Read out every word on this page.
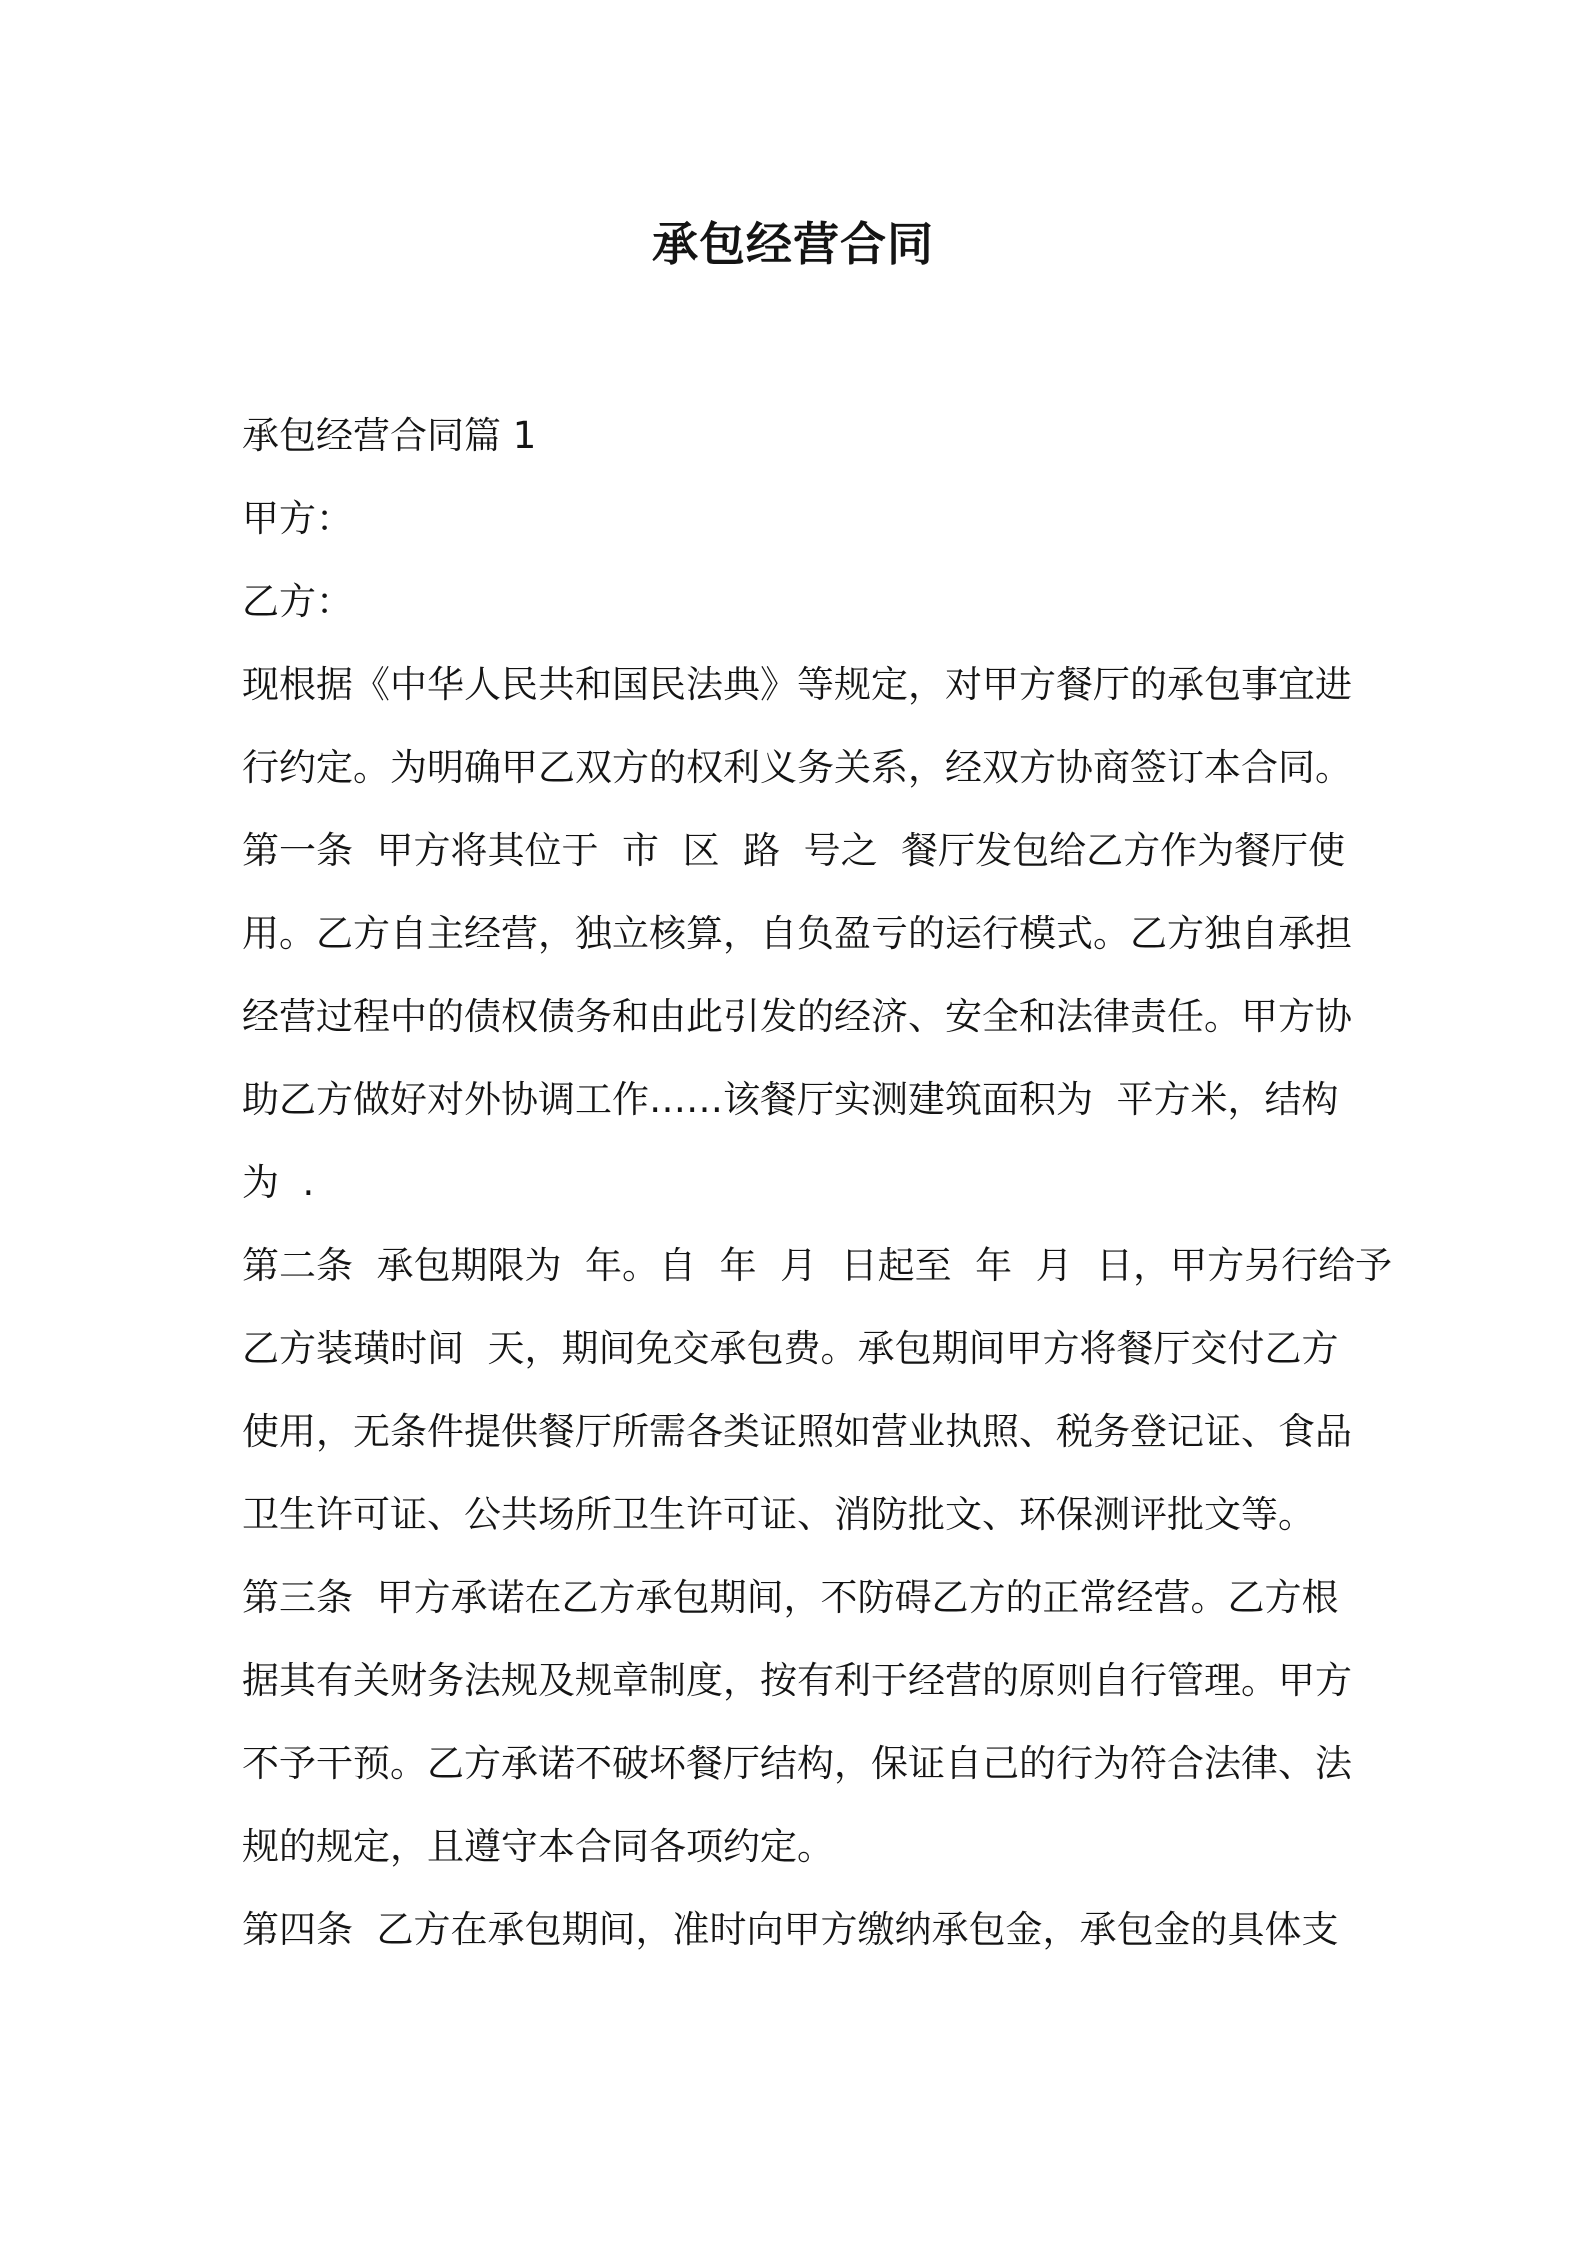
承包经营合同

承包经营合同篇 1

甲方：

乙方：

现根据《中华人民共和国民法典》等规定，对甲方餐厅的承包事宜进

行约定。为明确甲乙双方的权利义务关系，经双方协商签订本合同。

第一条  甲方将其位于  市  区  路  号之  餐厅发包给乙方作为餐厅使

用。乙方自主经营，独立核算，自负盈亏的运行模式。乙方独自承担

经营过程中的债权债务和由此引发的经济、安全和法律责任。甲方协

助乙方做好对外协调工作……该餐厅实测建筑面积为  平方米，结构

为  .

第二条  承包期限为  年。自  年  月  日起至  年  月  日，甲方另行给予

乙方装璜时间  天，期间免交承包费。承包期间甲方将餐厅交付乙方

使用，无条件提供餐厅所需各类证照如营业执照、税务登记证、食品

卫生许可证、公共场所卫生许可证、消防批文、环保测评批文等。

第三条  甲方承诺在乙方承包期间，不防碍乙方的正常经营。乙方根

据其有关财务法规及规章制度，按有利于经营的原则自行管理。甲方

不予干预。乙方承诺不破坏餐厅结构，保证自己的行为符合法律、法

规的规定，且遵守本合同各项约定。

第四条  乙方在承包期间，准时向甲方缴纳承包金，承包金的具体支
